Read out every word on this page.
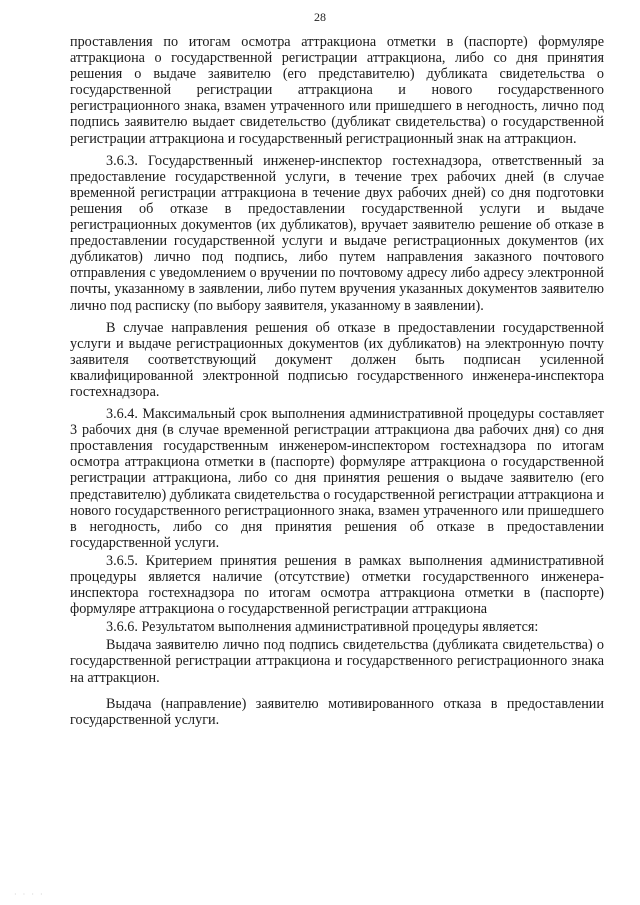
28

проставления по итогам осмотра аттракциона отметки в (паспорте) формуляре аттракциона о государственной регистрации аттракциона, либо со дня принятия решения о выдаче заявителю (его представителю) дубликата свидетельства о государственной регистрации аттракциона и нового государственного регистрационного знака, взамен утраченного или пришедшего в негодность, лично под подпись заявителю выдает свидетельство (дубликат свидетельства) о государственной регистрации аттракциона и государственный регистрационный знак на аттракцион.

3.6.3. Государственный инженер-инспектор гостехнадзора, ответственный за предоставление государственной услуги, в течение трех рабочих дней (в случае временной регистрации аттракциона в течение двух рабочих дней) со дня подготовки решения об отказе в предоставлении государственной услуги и выдаче регистрационных документов (их дубликатов), вручает заявителю решение об отказе в предоставлении государственной услуги и выдаче регистрационных документов (их дубликатов) лично под подпись, либо путем направления заказного почтового отправления с уведомлением о вручении по почтовому адресу либо адресу электронной почты, указанному в заявлении, либо путем вручения указанных документов заявителю лично под расписку (по выбору заявителя, указанному в заявлении).

В случае направления решения об отказе в предоставлении государственной услуги и выдаче регистрационных документов (их дубликатов) на электронную почту заявителя соответствующий документ должен быть подписан усиленной квалифицированной электронной подписью государственного инженера-инспектора гостехнадзора.

3.6.4. Максимальный срок выполнения административной процедуры составляет 3 рабочих дня (в случае временной регистрации аттракциона два рабочих дня) со дня проставления государственным инженером-инспектором гостехнадзора по итогам осмотра аттракциона отметки в (паспорте) формуляре аттракциона о государственной регистрации аттракциона, либо со дня принятия решения о выдаче заявителю (его представителю) дубликата свидетельства о государственной регистрации аттракциона и нового государственного регистрационного знака, взамен утраченного или пришедшего в негодность, либо со дня принятия решения об отказе в предоставлении государственной услуги.

3.6.5. Критерием принятия решения в рамках выполнения административной процедуры является наличие (отсутствие) отметки государственного инженера-инспектора гостехнадзора по итогам осмотра аттракциона отметки в (паспорте) формуляре аттракциона о государственной регистрации аттракциона

3.6.6. Результатом выполнения административной процедуры является:

Выдача заявителю лично под подпись свидетельства (дубликата свидетельства) о государственной регистрации аттракциона и государственного регистрационного знака на аттракцион.

Выдача (направление) заявителю мотивированного отказа в предоставлении государственной услуги.

· · · ·
